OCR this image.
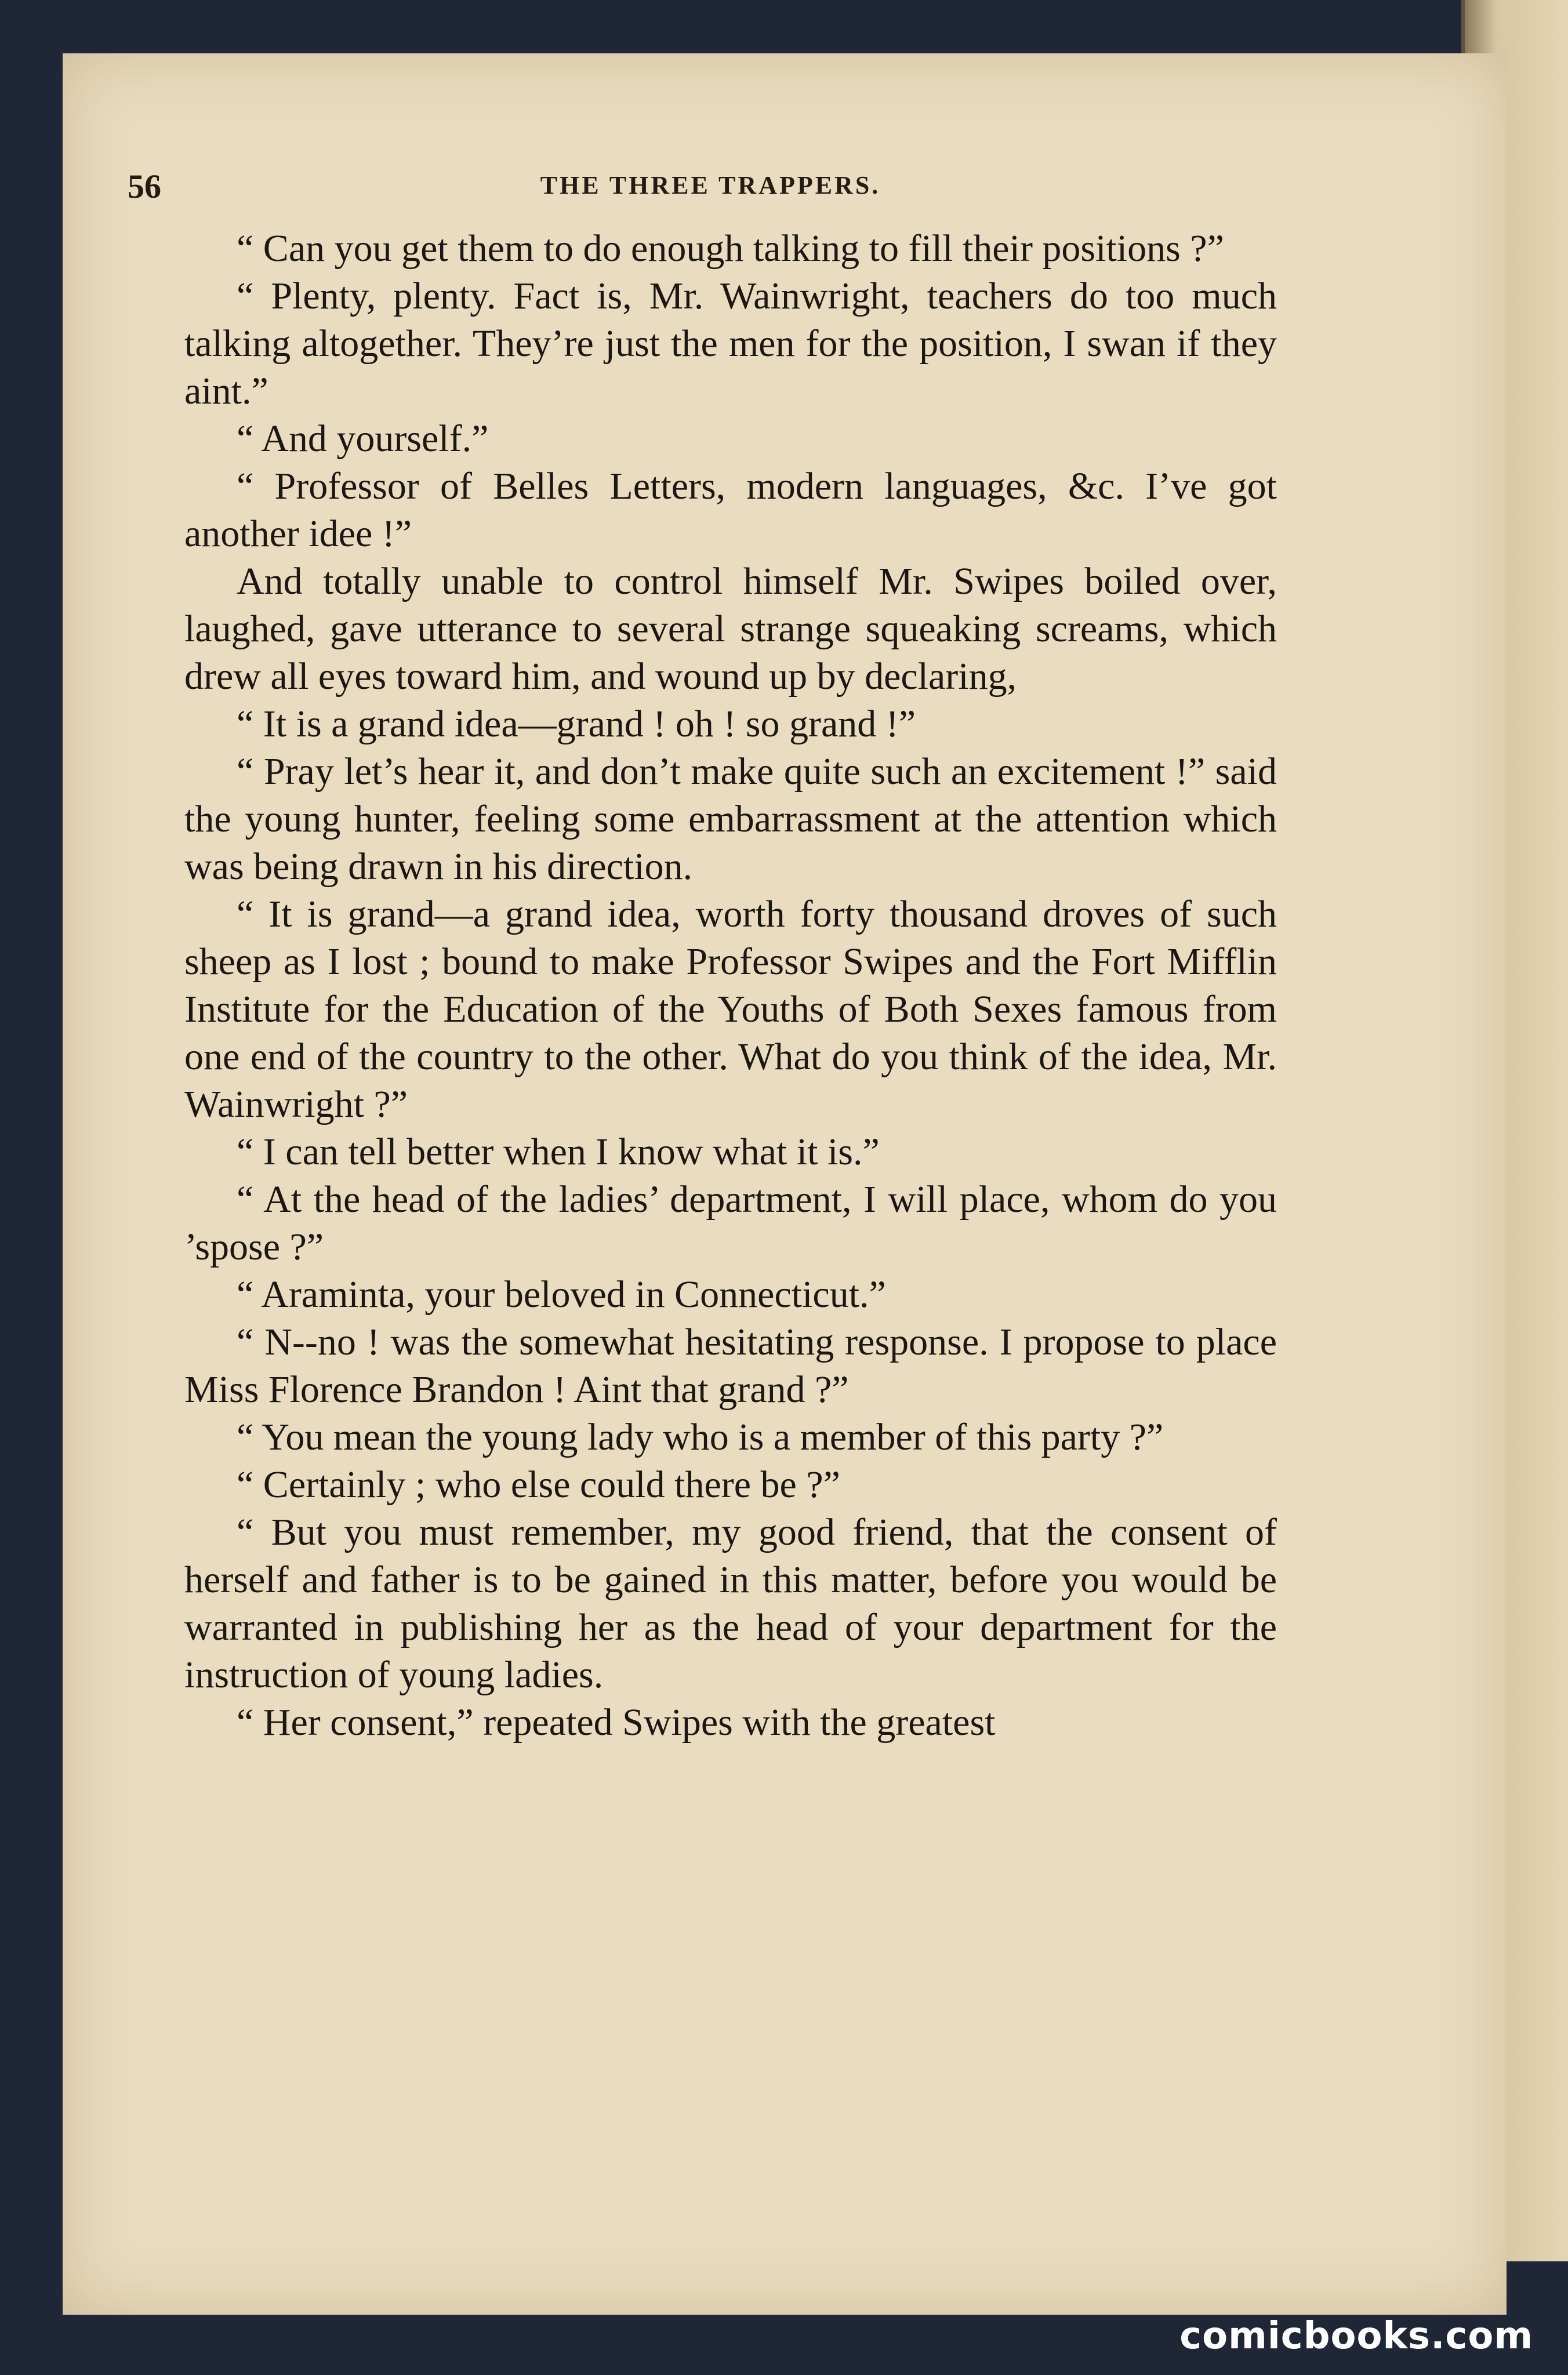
56	THE THREE TRAPPERS.

“ Can you get them to do enough talking to fill their positions ?”

“ Plenty, plenty. Fact is, Mr. Wainwright, teachers do too much talking altogether. They’re just the men for the position, I swan if they aint.”

“ And yourself.”

“ Professor of Belles Letters, modern languages, &c. I’ve got another idee !”

And totally unable to control himself Mr. Swipes boiled over, laughed, gave utterance to several strange squeaking screams, which drew all eyes toward him, and wound up by declaring,

“ It is a grand idea—grand ! oh ! so grand !”

“ Pray let’s hear it, and don’t make quite such an excitement !” said the young hunter, feeling some embarrassment at the attention which was being drawn in his direction.

“ It is grand—a grand idea, worth forty thousand droves of such sheep as I lost ; bound to make Professor Swipes and the Fort Mifflin Institute for the Education of the Youths of Both Sexes famous from one end of the country to the other. What do you think of the idea, Mr. Wainwright ?”

“ I can tell better when I know what it is.”

“ At the head of the ladies’ department, I will place, whom do you ’spose ?”

“ Araminta, your beloved in Connecticut.”

“ N--no ! was the somewhat hesitating response. I propose to place Miss Florence Brandon ! Aint that grand ?”

“ You mean the young lady who is a member of this party ?”

“ Certainly ; who else could there be ?”

“ But you must remember, my good friend, that the consent of herself and father is to be gained in this matter, before you would be warranted in publishing her as the head of your department for the instruction of young ladies.

“ Her consent,” repeated Swipes with the greatest

comicbooks.com
